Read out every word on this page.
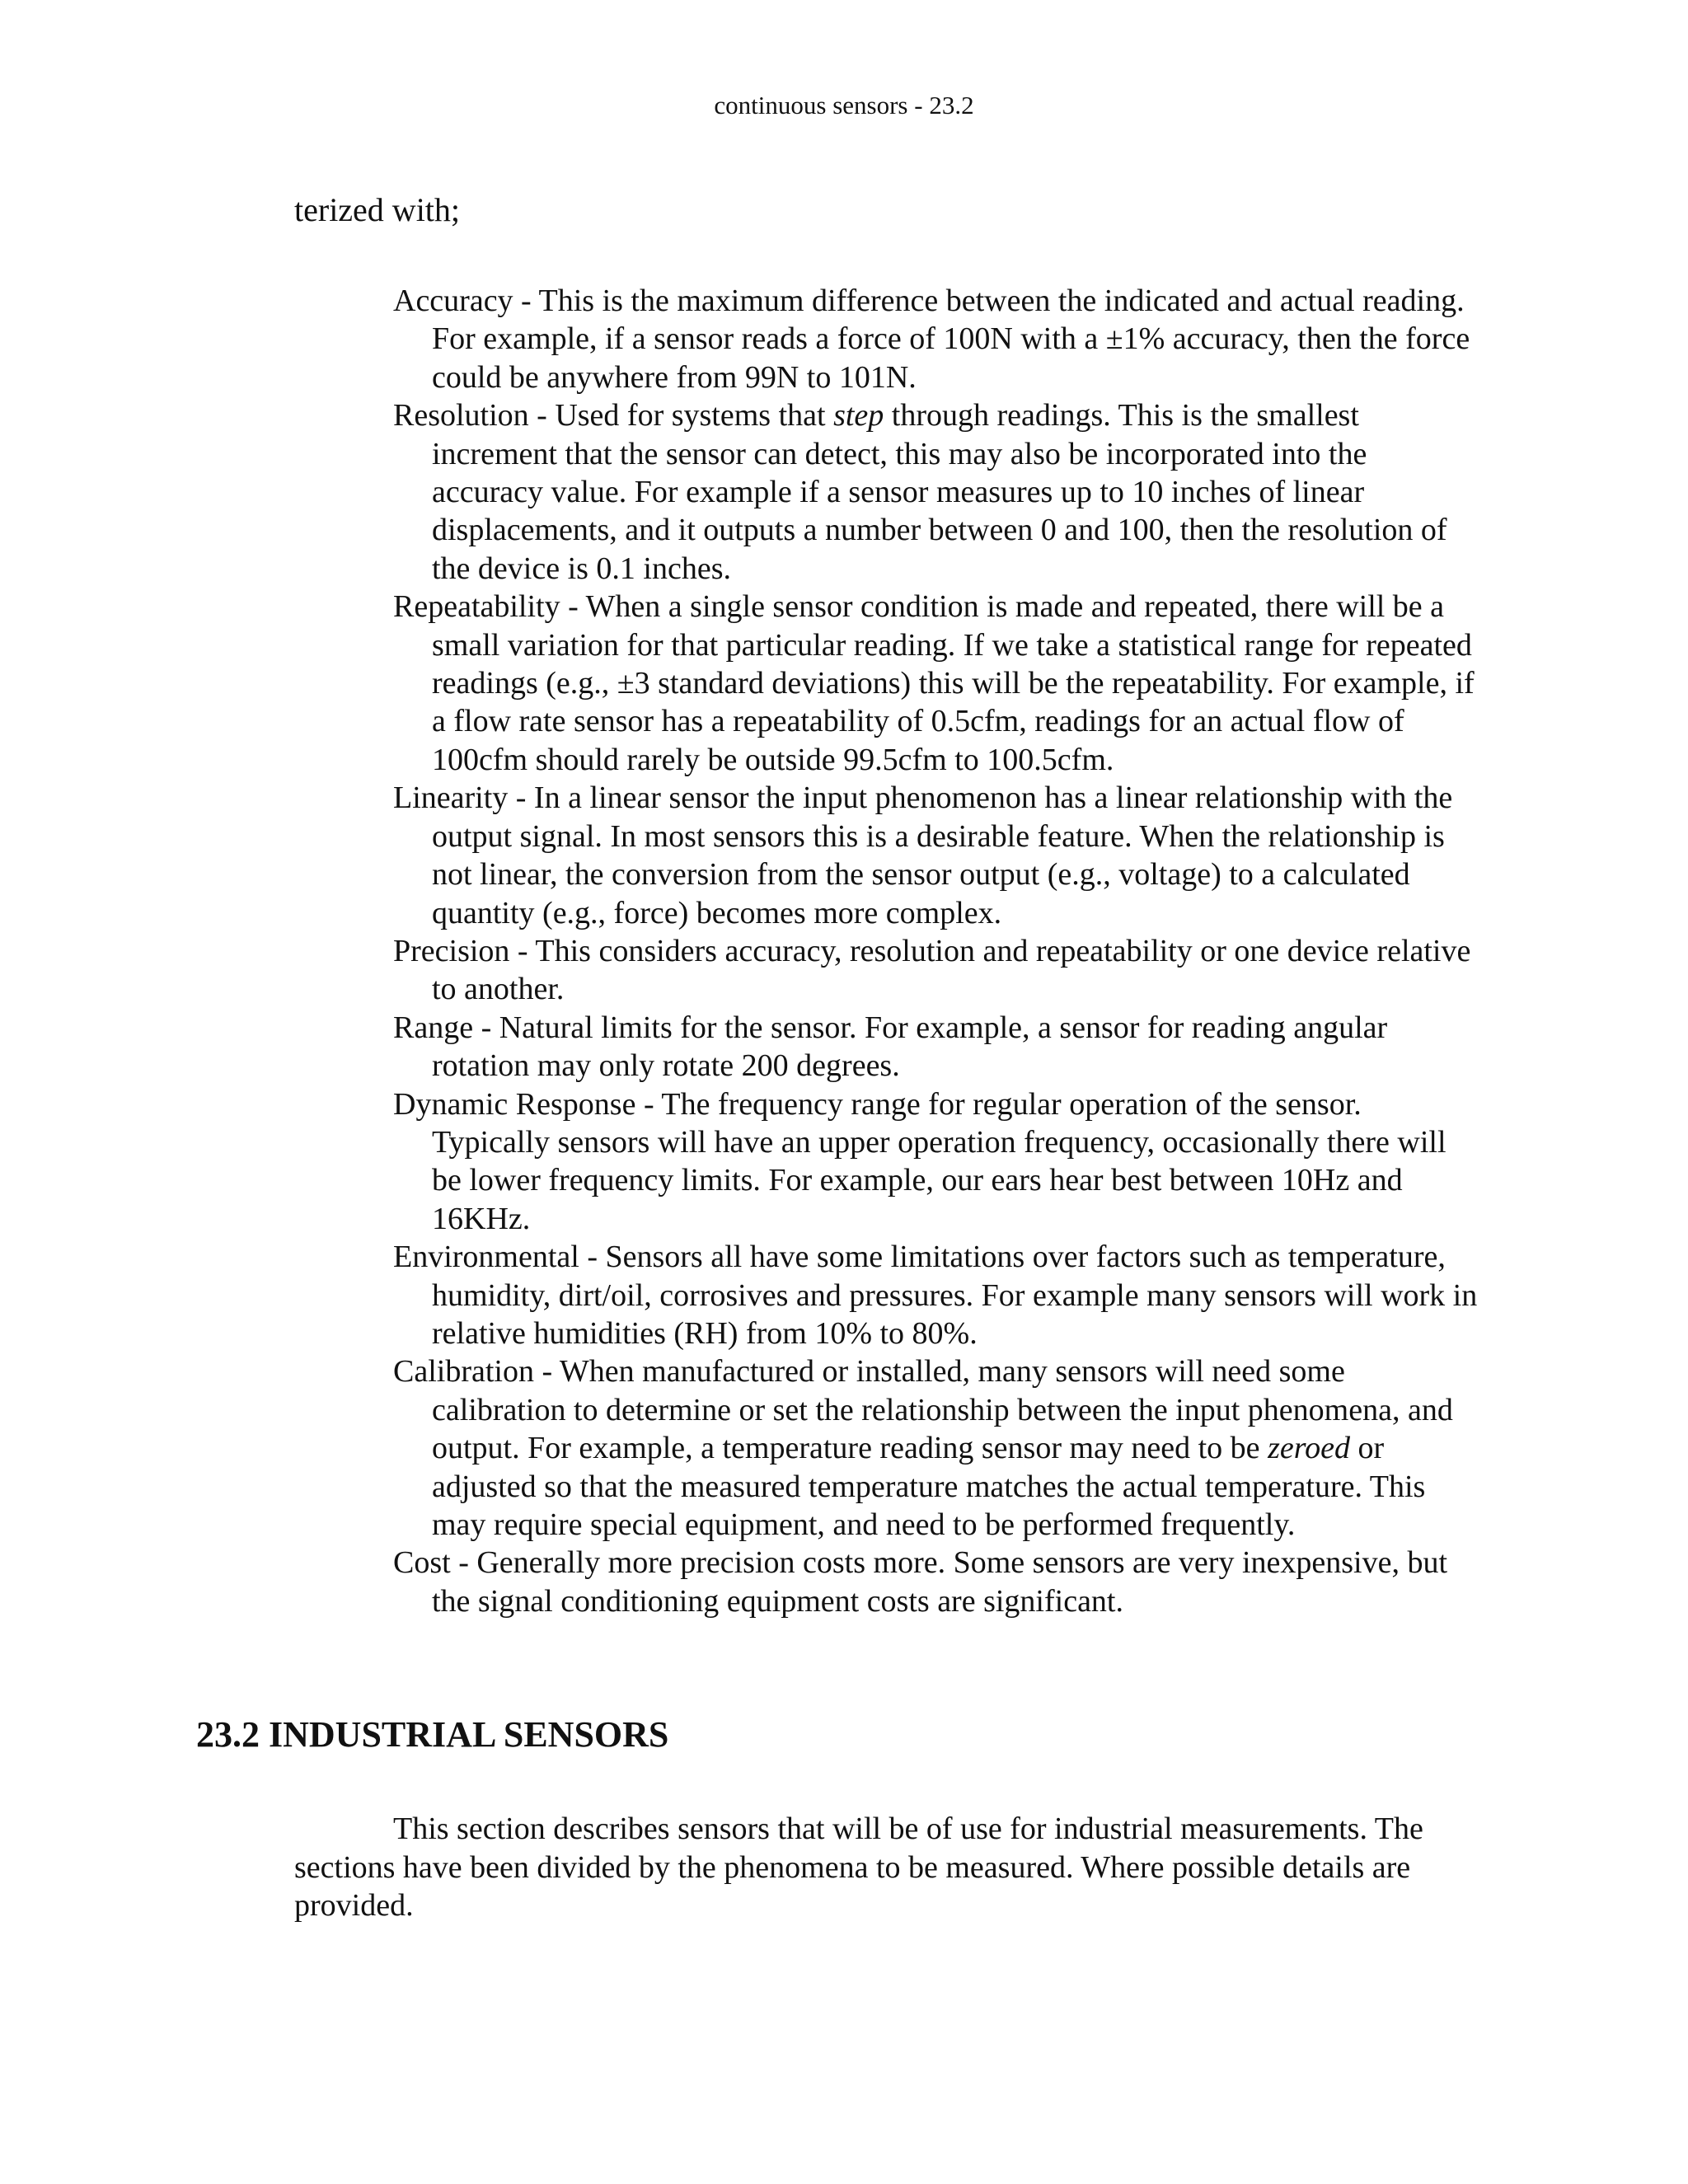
continuous sensors - 23.2

terized with;

Accuracy - This is the maximum difference between the indicated and actual reading. For example, if a sensor reads a force of 100N with a ±1% accuracy, then the force could be anywhere from 99N to 101N.
Resolution - Used for systems that step through readings. This is the smallest increment that the sensor can detect, this may also be incorporated into the accuracy value. For example if a sensor measures up to 10 inches of linear displacements, and it outputs a number between 0 and 100, then the resolution of the device is 0.1 inches.
Repeatability - When a single sensor condition is made and repeated, there will be a small variation for that particular reading. If we take a statistical range for repeated readings (e.g., ±3 standard deviations) this will be the repeatability. For example, if a flow rate sensor has a repeatability of 0.5cfm, readings for an actual flow of 100cfm should rarely be outside 99.5cfm to 100.5cfm.
Linearity - In a linear sensor the input phenomenon has a linear relationship with the output signal. In most sensors this is a desirable feature. When the relationship is not linear, the conversion from the sensor output (e.g., voltage) to a calculated quantity (e.g., force) becomes more complex.
Precision - This considers accuracy, resolution and repeatability or one device relative to another.
Range - Natural limits for the sensor. For example, a sensor for reading angular rotation may only rotate 200 degrees.
Dynamic Response - The frequency range for regular operation of the sensor. Typically sensors will have an upper operation frequency, occasionally there will be lower frequency limits. For example, our ears hear best between 10Hz and 16KHz.
Environmental - Sensors all have some limitations over factors such as temperature, humidity, dirt/oil, corrosives and pressures. For example many sensors will work in relative humidities (RH) from 10% to 80%.
Calibration - When manufactured or installed, many sensors will need some calibration to determine or set the relationship between the input phenomena, and output. For example, a temperature reading sensor may need to be zeroed or adjusted so that the measured temperature matches the actual temperature. This may require special equipment, and need to be performed frequently.
Cost - Generally more precision costs more. Some sensors are very inexpensive, but the signal conditioning equipment costs are significant.
23.2 INDUSTRIAL SENSORS

This section describes sensors that will be of use for industrial measurements. The sections have been divided by the phenomena to be measured. Where possible details are provided.
